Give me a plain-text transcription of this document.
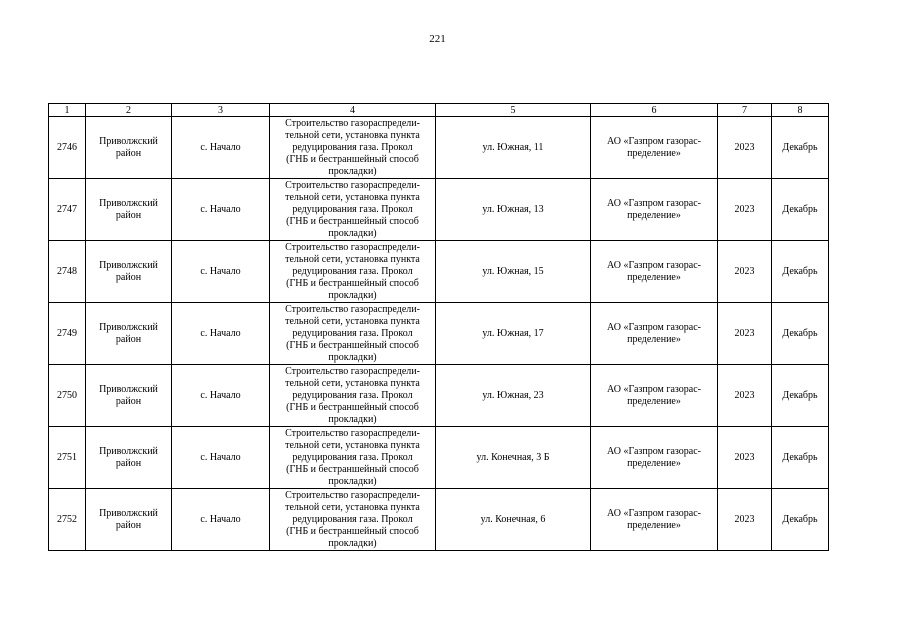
221
1	2	3	4	5	6	7	8
2746	Приволжский
район	с. Начало	Строительство газораспредели-
тельной сети, установка пункта
редуцирования газа. Прокол
(ГНБ и бестраншейный способ
прокладки)	ул. Южная, 11	АО «Газпром газорас-
пределение»	2023	Декабрь
2747	Приволжский
район	с. Начало	Строительство газораспредели-
тельной сети, установка пункта
редуцирования газа. Прокол
(ГНБ и бестраншейный способ
прокладки)	ул. Южная, 13	АО «Газпром газорас-
пределение»	2023	Декабрь
2748	Приволжский
район	с. Начало	Строительство газораспредели-
тельной сети, установка пункта
редуцирования газа. Прокол
(ГНБ и бестраншейный способ
прокладки)	ул. Южная, 15	АО «Газпром газорас-
пределение»	2023	Декабрь
2749	Приволжский
район	с. Начало	Строительство газораспредели-
тельной сети, установка пункта
редуцирования газа. Прокол
(ГНБ и бестраншейный способ
прокладки)	ул. Южная, 17	АО «Газпром газорас-
пределение»	2023	Декабрь
2750	Приволжский
район	с. Начало	Строительство газораспредели-
тельной сети, установка пункта
редуцирования газа. Прокол
(ГНБ и бестраншейный способ
прокладки)	ул. Южная, 23	АО «Газпром газорас-
пределение»	2023	Декабрь
2751	Приволжский
район	с. Начало	Строительство газораспредели-
тельной сети, установка пункта
редуцирования газа. Прокол
(ГНБ и бестраншейный способ
прокладки)	ул. Конечная, 3 Б	АО «Газпром газорас-
пределение»	2023	Декабрь
2752	Приволжский
район	с. Начало	Строительство газораспредели-
тельной сети, установка пункта
редуцирования газа. Прокол
(ГНБ и бестраншейный способ
прокладки)	ул. Конечная, 6	АО «Газпром газорас-
пределение»	2023	Декабрь
